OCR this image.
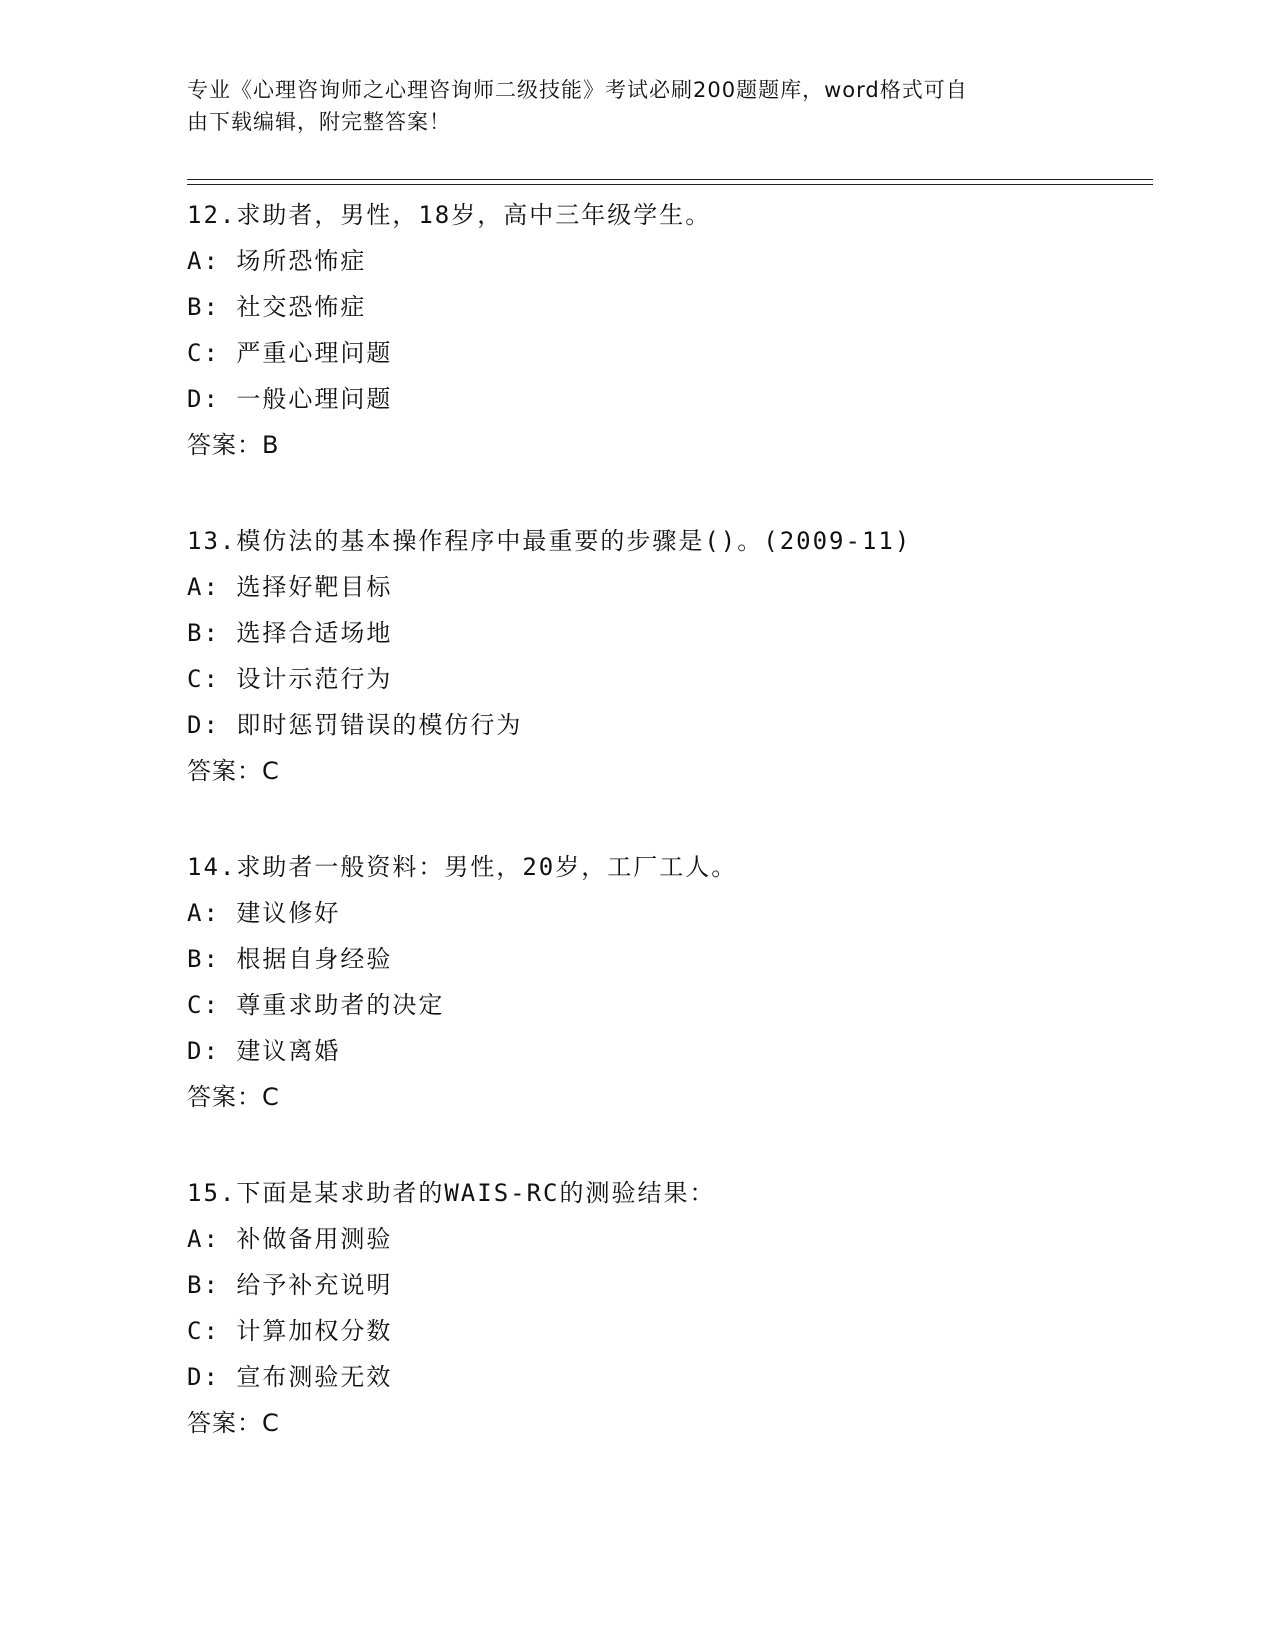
专业《心理咨询师之心理咨询师二级技能》考试必刷200题题库，word格式可自
由下载编辑，附完整答案！
12.求助者，男性，18岁，高中三年级学生。
A: 场所恐怖症
B: 社交恐怖症
C: 严重心理问题
D: 一般心理问题
答案：B
13.模仿法的基本操作程序中最重要的步骤是()。(2009-11)
A: 选择好靶目标
B: 选择合适场地
C: 设计示范行为
D: 即时惩罚错误的模仿行为
答案：C
14.求助者一般资料：男性，20岁，工厂工人。
A: 建议修好
B: 根据自身经验
C: 尊重求助者的决定
D: 建议离婚
答案：C
15.下面是某求助者的WAIS-RC的测验结果：
A: 补做备用测验
B: 给予补充说明
C: 计算加权分数
D: 宣布测验无效
答案：C
